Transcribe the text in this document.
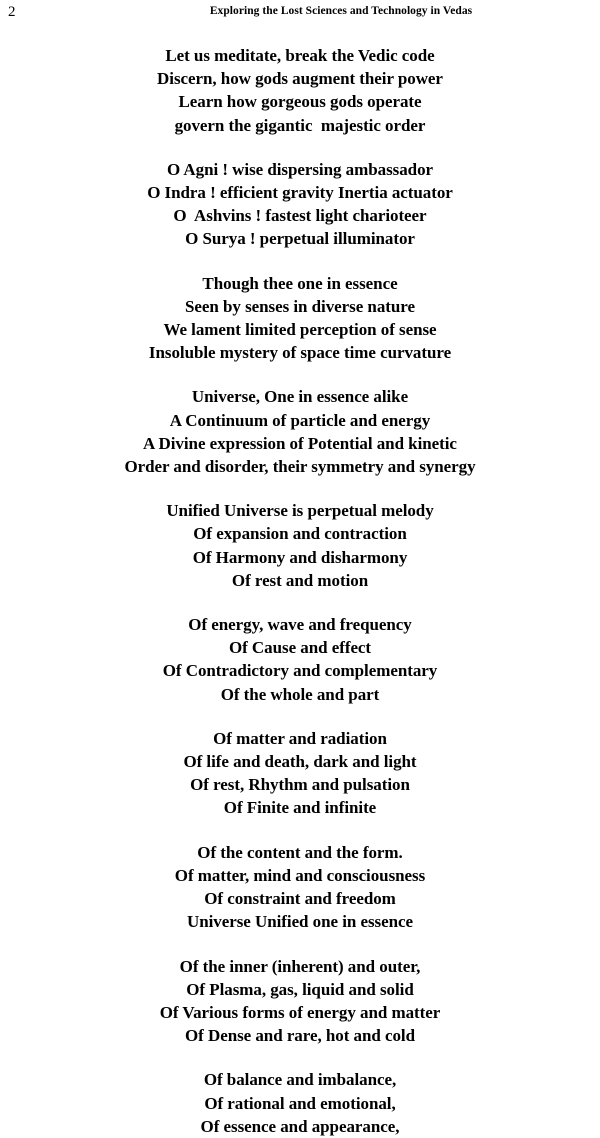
2	Exploring the Lost Sciences and Technology in Vedas
Let us meditate, break the Vedic code
Discern, how gods augment their power
Learn how gorgeous gods operate
govern the gigantic  majestic order
O Agni ! wise dispersing ambassador
O Indra ! efficient gravity Inertia actuator
O  Ashvins ! fastest light charioteer
O Surya ! perpetual illuminator
Though thee one in essence
Seen by senses in diverse nature
We lament limited perception of sense
Insoluble mystery of space time curvature
Universe, One in essence alike
A Continuum of particle and energy
A Divine expression of Potential and kinetic
Order and disorder, their symmetry and synergy
Unified Universe is perpetual melody
Of expansion and contraction
Of Harmony and disharmony
Of rest and motion
Of energy, wave and frequency
Of Cause and effect
Of Contradictory and complementary
Of the whole and part
Of matter and radiation
Of life and death, dark and light
Of rest, Rhythm and pulsation
Of Finite and infinite
Of the content and the form.
Of matter, mind and consciousness
Of constraint and freedom
Universe Unified one in essence
Of the inner (inherent) and outer,
Of Plasma, gas, liquid and solid
Of Various forms of energy and matter
Of Dense and rare, hot and cold
Of balance and imbalance,
Of rational and emotional,
Of essence and appearance,
